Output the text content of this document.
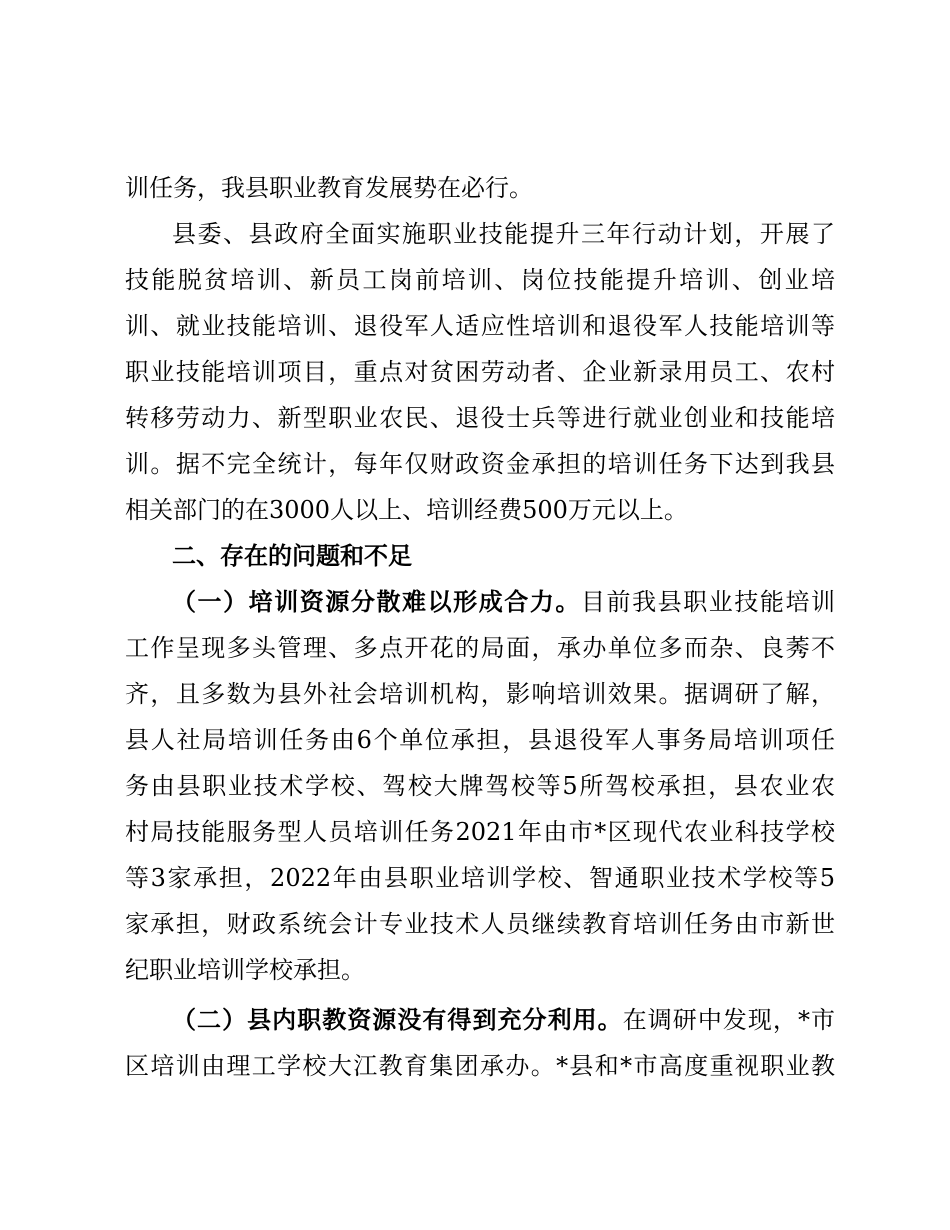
训任务，我县职业教育发展势在必行。
县委、县政府全面实施职业技能提升三年行动计划，开展了
技能脱贫培训、新员工岗前培训、岗位技能提升培训、创业培
训、就业技能培训、退役军人适应性培训和退役军人技能培训等
职业技能培训项目，重点对贫困劳动者、企业新录用员工、农村
转移劳动力、新型职业农民、退役士兵等进行就业创业和技能培
训。据不完全统计，每年仅财政资金承担的培训任务下达到我县
相关部门的在3000人以上、培训经费500万元以上。
二、存在的问题和不足
（一）培训资源分散难以形成合力。目前我县职业技能培训
工作呈现多头管理、多点开花的局面，承办单位多而杂、良莠不
齐，且多数为县外社会培训机构，影响培训效果。据调研了解，
县人社局培训任务由6个单位承担，县退役军人事务局培训项任
务由县职业技术学校、驾校大牌驾校等5所驾校承担，县农业农
村局技能服务型人员培训任务2021年由市*区现代农业科技学校
等3家承担，2022年由县职业培训学校、智通职业技术学校等5
家承担，财政系统会计专业技术人员继续教育培训任务由市新世
纪职业培训学校承担。
（二）县内职教资源没有得到充分利用。在调研中发现，*市
区培训由理工学校大江教育集团承办。*县和*市高度重视职业教
